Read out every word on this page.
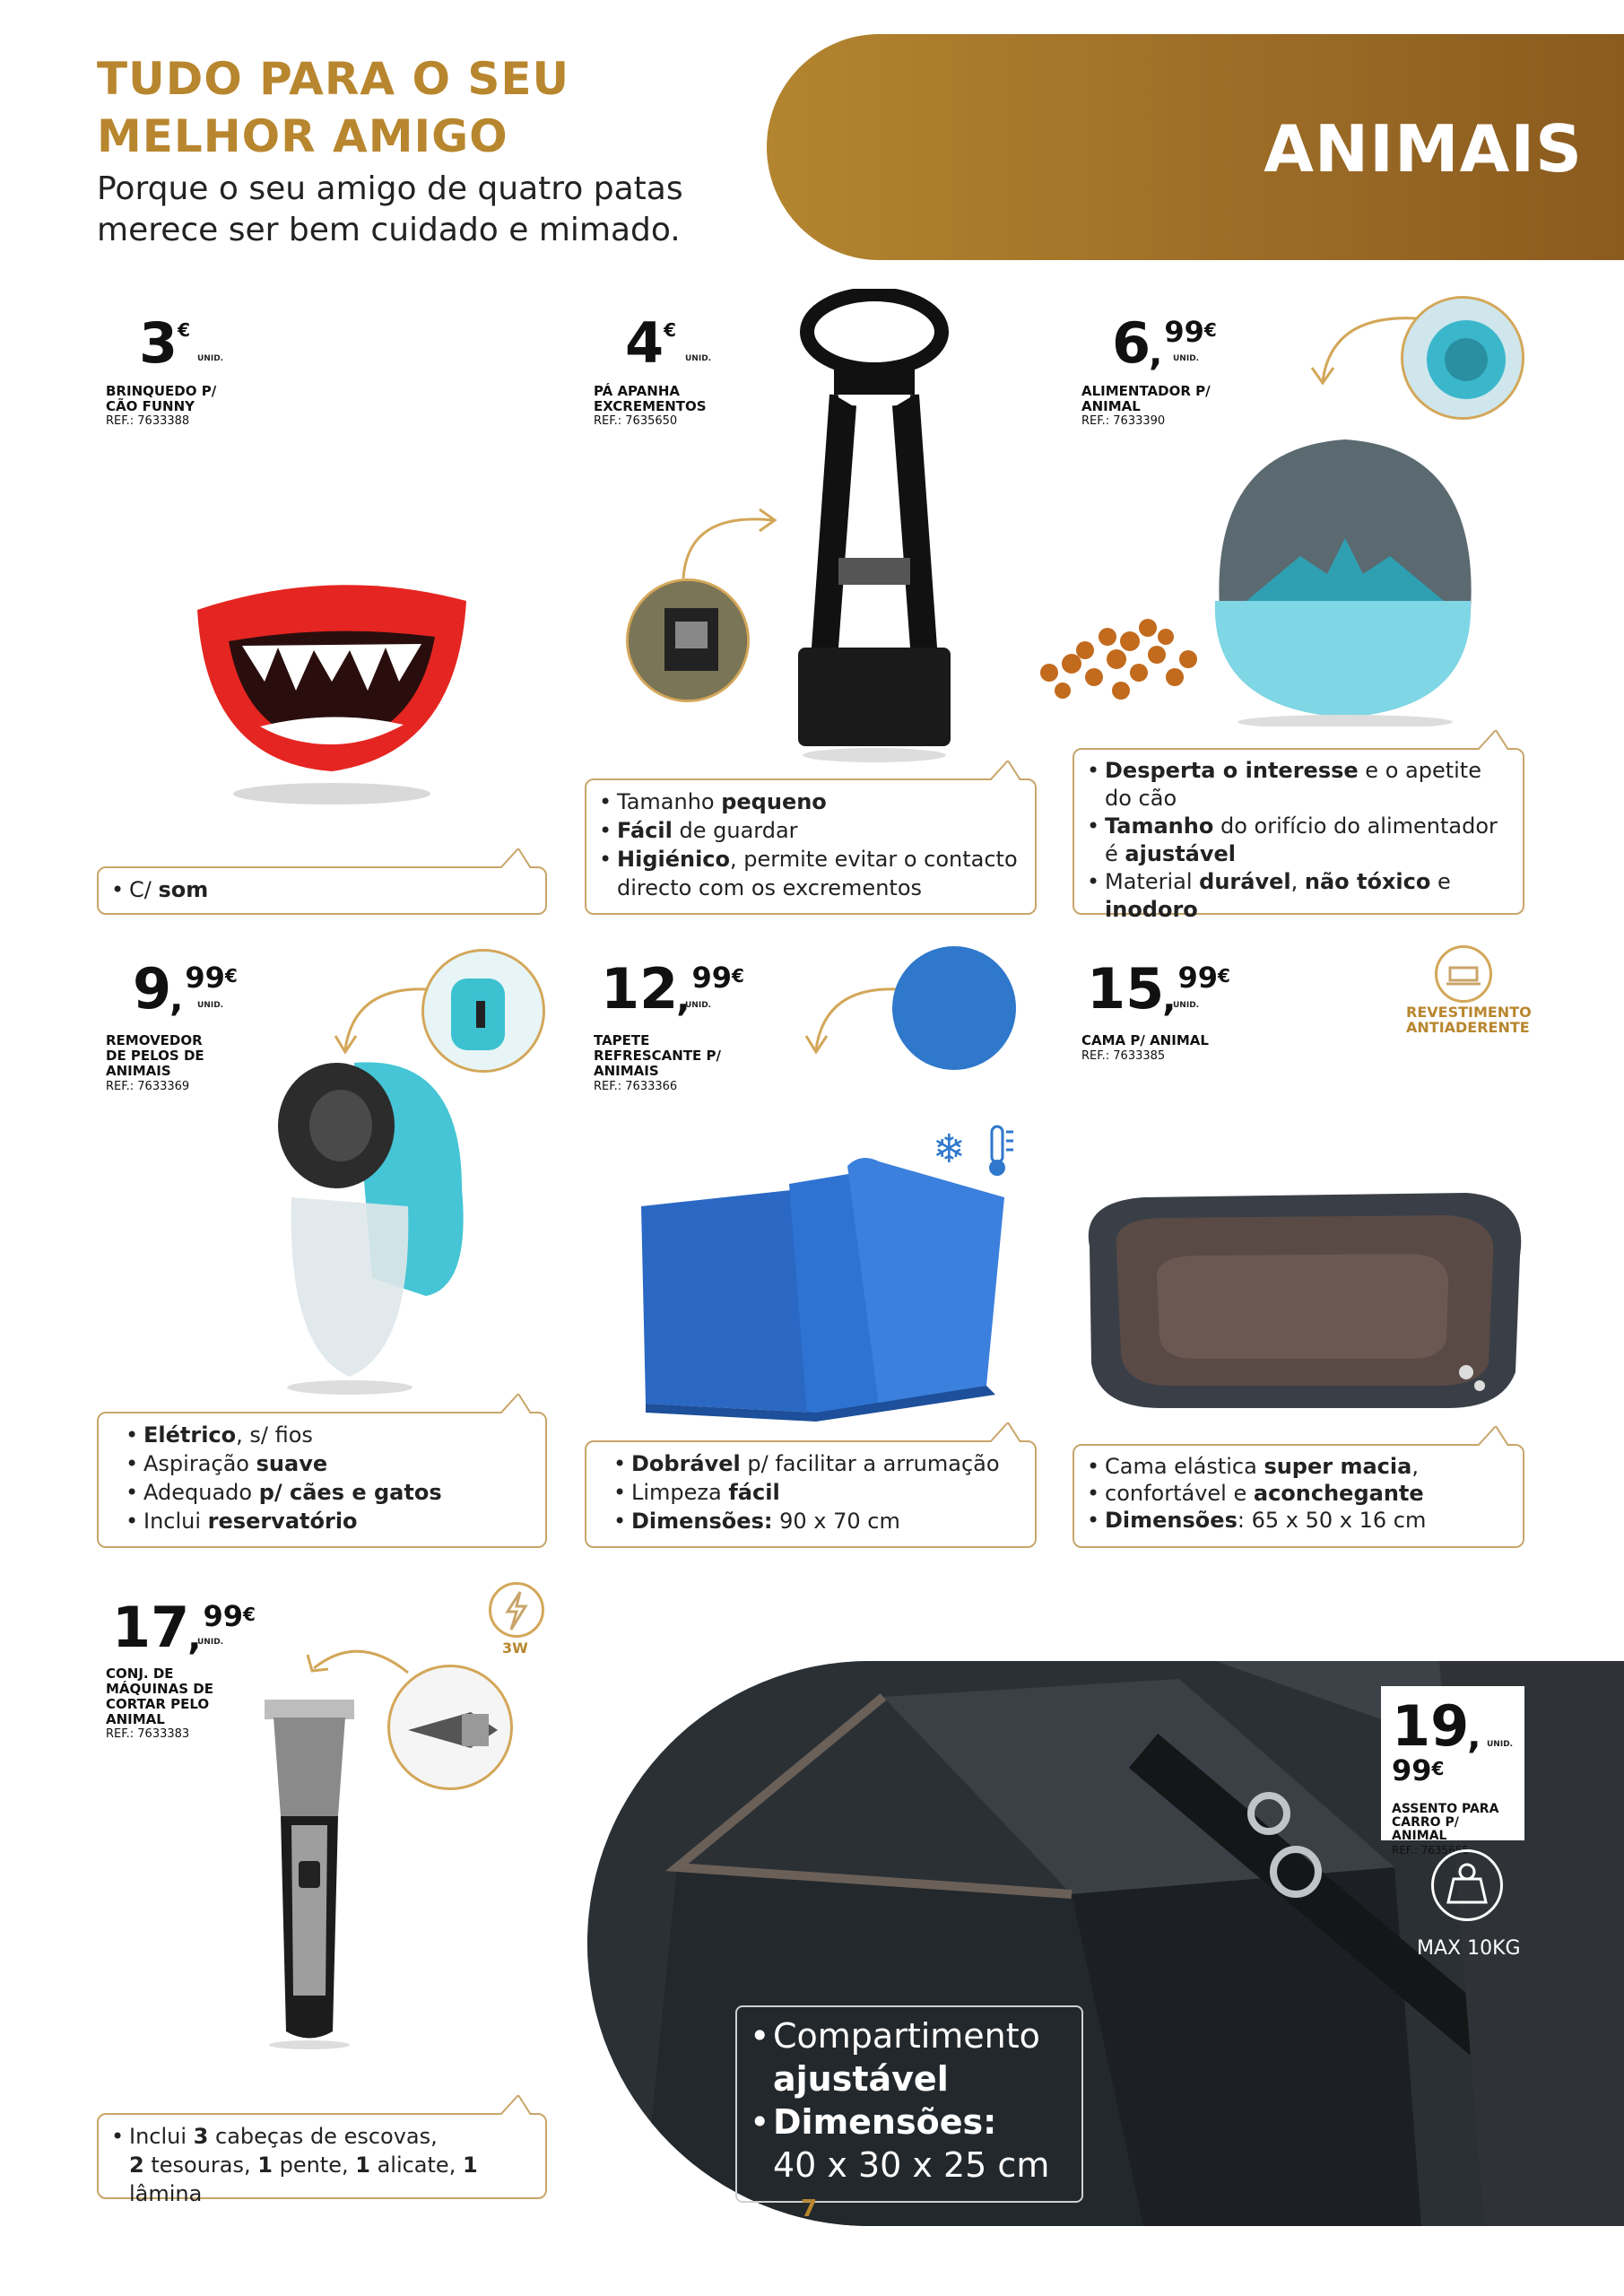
TUDO PARA O SEU
MELHOR AMIGO
Porque o seu amigo de quatro patas
merece ser bem cuidado e mimado.
ANIMAIS
3€
UNID.
BRINQUEDO P/
CÃO FUNNY
REF.: 7633388
• C/ som
4€
UNID.
PÁ APANHA
EXCREMENTOS
REF.: 7635650
• Tamanho pequeno
• Fácil de guardar
• Higiénico, permite evitar o contacto directo com os excrementos
6,99€
UNID.
ALIMENTADOR P/
ANIMAL
REF.: 7633390
• Desperta o interesse e o apetite do cão
• Tamanho do orifício do alimentador é ajustável
• Material durável, não tóxico e inodoro
9,99€
UNID.
REMOVEDOR
DE PELOS DE
ANIMAIS
REF.: 7633369
• Elétrico, s/ fios
• Aspiração suave
• Adequado p/ cães e gatos
• Inclui reservatório
12,99€
UNID.
TAPETE
REFRESCANTE P/
ANIMAIS
REF.: 7633366
❄
• Dobrável p/ facilitar a arrumação
• Limpeza fácil
• Dimensões: 90 x 70 cm
15,99€
UNID.
CAMA P/ ANIMAL
REF.: 7633385
REVESTIMENTO
ANTIADERENTE
• Cama elástica super macia,
• confortável e aconchegante
• Dimensões: 65 x 50 x 16 cm
17,99€
UNID.
CONJ. DE
MÁQUINAS DE
CORTAR PELO
ANIMAL
REF.: 7633383
3W
• Inclui 3 cabeças de escovas,
2 tesouras, 1 pente, 1 alicate, 1 lâmina
• Compartimento
ajustável
• Dimensões:
40 x 30 x 25 cm
19,99€
UNID.
ASSENTO PARA
CARRO P/
ANIMAL
REF.: 7635655
MAX 10KG
7
